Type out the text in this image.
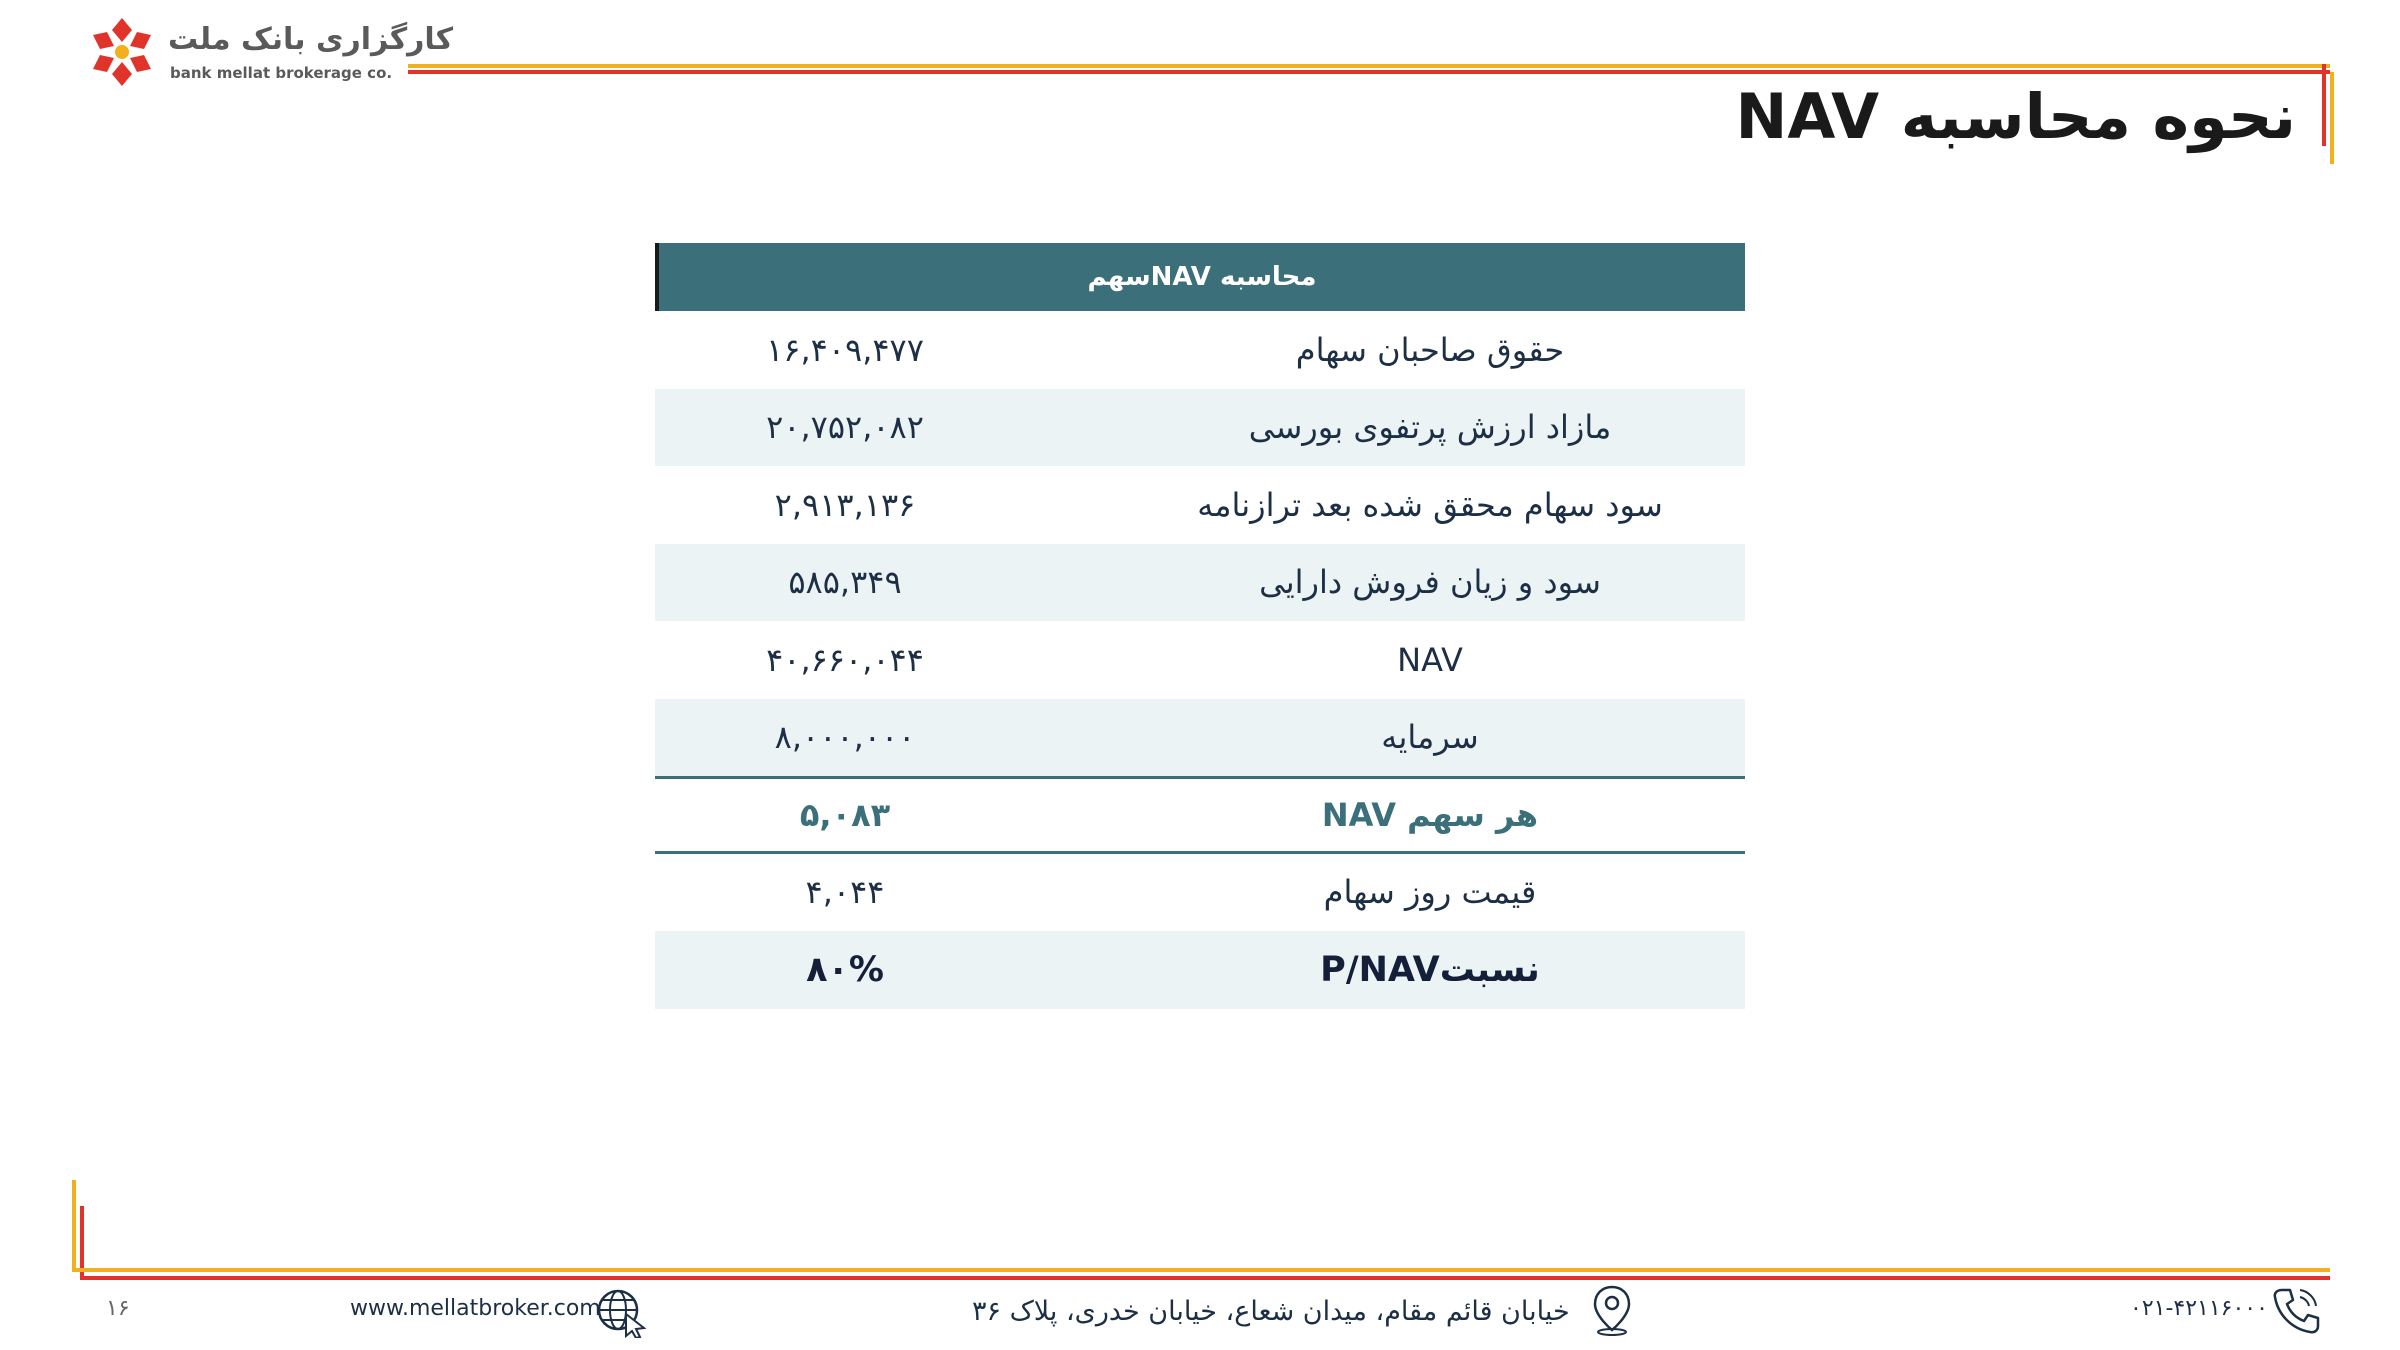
کارگزاری بانک ملت
bank mellat brokerage co.
نحوه محاسبه NAV
محاسبه NAVسهم
۱۶,۴۰۹,۴۷۷	حقوق صاحبان سهام
۲۰,۷۵۲,۰۸۲	مازاد ارزش پرتفوی بورسی
۲,۹۱۳,۱۳۶	سود سهام محقق شده بعد ترازنامه
۵۸۵,۳۴۹	سود و زیان فروش دارایی
۴۰,۶۶۰,۰۴۴	NAV
۸,۰۰۰,۰۰۰	سرمایه
۵,۰۸۳	هر سهم NAV
۴,۰۴۴	قیمت روز سهام
۸۰%	نسبتP/NAV
۱۶	www.mellatbroker.com	خیابان قائم مقام، میدان شعاع، خیابان خدری، پلاک ۳۶	۰۲۱-۴۲۱۱۶۰۰۰
